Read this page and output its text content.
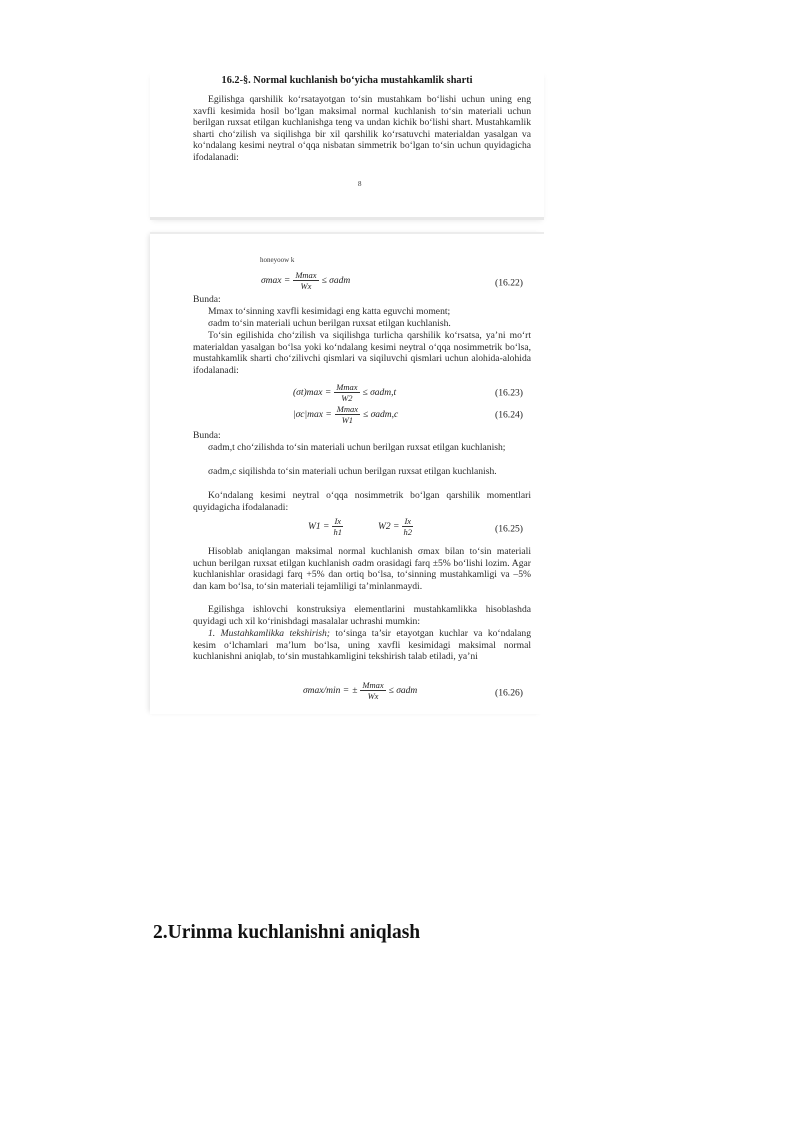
16.2-§. Normal kuchlanish bo‘yicha mustahkamlik sharti
Egilishga qarshilik ko‘rsatayotgan to‘sin mustahkam bo‘lishi uchun uning eng xavfli kesimida hosil bo‘lgan maksimal normal kuchlanish to‘sin materiali uchun berilgan ruxsat etilgan kuchlanishga teng va undan kichik bo‘lishi shart. Mustahkamlik sharti cho‘zilish va siqilishga bir xil qarshilik ko‘rsatuvchi materialdan yasalgan va ko‘ndalang kesimi neytral o‘qqa nisbatan simmetrik bo‘lgan to‘sin uchun quyidagicha ifodalanadi:
8
honeyoow k
$\sigma\max = \frac{Mmax}{Wx} \le \sigma adm$	(16.22)
Bunda:
Mmax to‘sinning xavfli kesimidagi eng katta eguvchi moment;
σadm to‘sin materiali uchun berilgan ruxsat etilgan kuchlanish.
To‘sin egilishida cho‘zilish va siqilishga turlicha qarshilik ko‘rsatsa, ya’ni mo‘rt materialdan yasalgan bo‘lsa yoki ko‘ndalang kesimi neytral o‘qqa nosimmetrik bo‘lsa, mustahkamlik sharti cho‘zilivchi qismlari va siqiluvchi qismlari uchun alohida-alohida ifodalanadi:
$(\sigma t)\max = \frac{Mmax}{W2} \le \sigma adm,t$	(16.23)
$|\sigma c|\max = \frac{Mmax}{W1} \le \sigma adm,c$	(16.24)
Bunda:
σadm,t cho‘zilishda to‘sin materiali uchun berilgan ruxsat etilgan kuchlanish;
σadm,c siqilishda to‘sin materiali uchun berilgan ruxsat etilgan kuchlanish.
Ko‘ndalang kesimi neytral o‘qqa nosimmetrik bo‘lgan qarshilik momentlari quyidagicha ifodalanadi:
$W1 = \frac{Ix}{h1}$	$W2 = \frac{Ix}{h2}$	(16.25)
Hisoblab aniqlangan maksimal normal kuchlanish σmax bilan to‘sin materiali uchun berilgan ruxsat etilgan kuchlanish σadm orasidagi farq ±5% bo‘lishi lozim. Agar kuchlanishlar orasidagi farq +5% dan ortiq bo‘lsa, to‘sinning mustahkamligi va –5% dan kam bo‘lsa, to‘sin materiali tejamliligi ta’minlanmaydi.
Egilishga ishlovchi konstruksiya elementlarini mustahkamlikka hisoblashda quyidagi uch xil ko‘rinishdagi masalalar uchrashi mumkin:
1. Mustahkamlikka tekshirish; to‘singa ta’sir etayotgan kuchlar va ko‘ndalang kesim o‘lchamlari ma’lum bo‘lsa, uning xavfli kesimidagi maksimal normal kuchlanishni aniqlab, to‘sin mustahkamligini tekshirish talab etiladi, ya’ni
σmax/min = ± $\frac{Mmax}{Wx} \le \sigma adm$	(16.26)
2.Urinma kuchlanishni aniqlash
